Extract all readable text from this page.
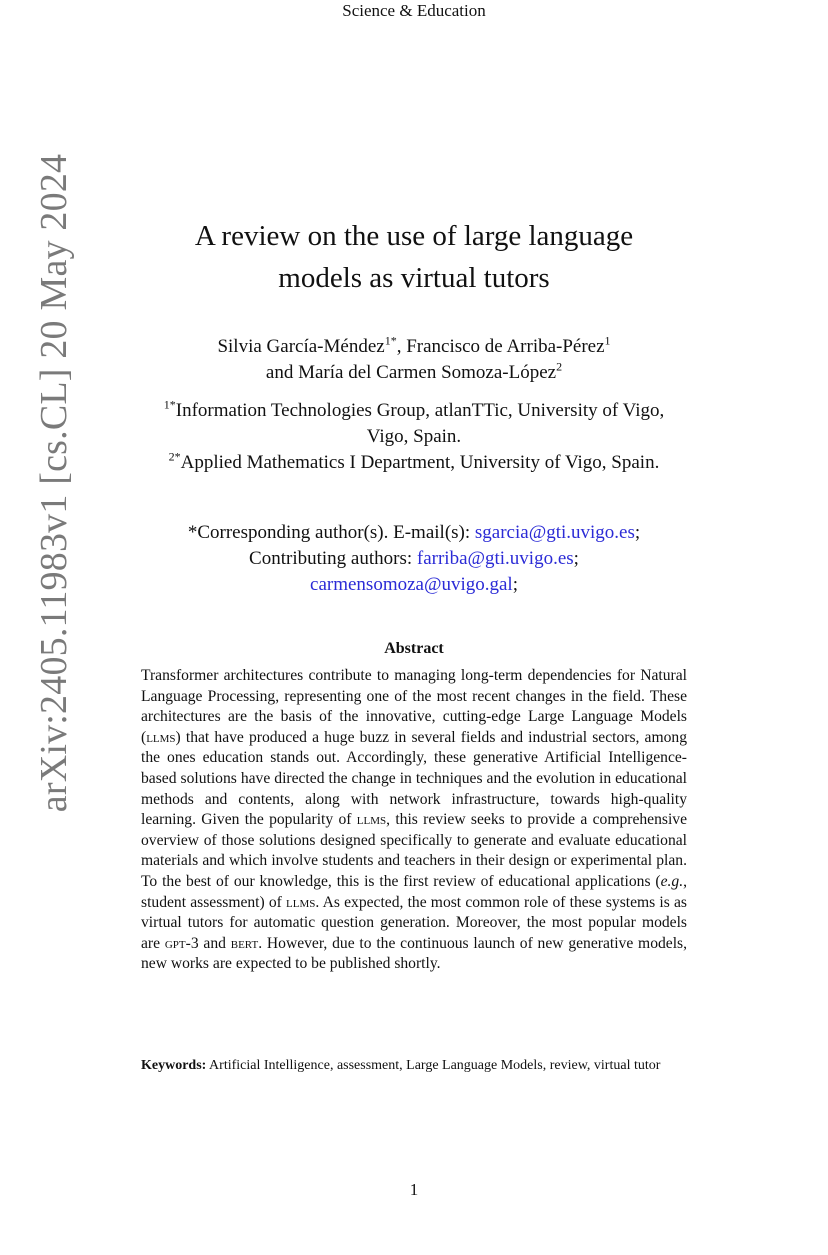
Science & Education
arXiv:2405.11983v1 [cs.CL] 20 May 2024	A review on the use of large language
models as virtual tutors
Silvia García-Méndez$^{1*}$, Francisco de Arriba-Pérez$^1$
and María del Carmen Somoza-López$^2$
$^{1*}$Information Technologies Group, atlanTTic, University of Vigo,
Vigo, Spain.
$^{2*}$Applied Mathematics I Department, University of Vigo, Spain.
*Corresponding author(s). E-mail(s): sgarcia@gti.uvigo.es;
Contributing authors: farriba@gti.uvigo.es;
carmensomoza@uvigo.gal;
Abstract
Transformer architectures contribute to managing long-term dependencies for Natural Language Processing, representing one of the most recent changes in the field. These architectures are the basis of the innovative, cutting-edge Large Language Models (llms) that have produced a huge buzz in several fields and industrial sectors, among the ones education stands out. Accordingly, these generative Artificial Intelligence-based solutions have directed the change in techniques and the evolution in educational methods and contents, along with network infrastructure, towards high-quality learning. Given the popularity of llms, this review seeks to provide a comprehensive overview of those solutions designed specifically to generate and evaluate educational materials and which involve students and teachers in their design or experimental plan. To the best of our knowledge, this is the first review of educational applications (e.g., student assessment) of llms. As expected, the most common role of these systems is as virtual tutors for automatic question generation. Moreover, the most popular models are gpt-3 and bert. However, due to the continuous launch of new generative models, new works are expected to be published shortly.
Keywords: Artificial Intelligence, assessment, Large Language Models, review, virtual tutor
1
